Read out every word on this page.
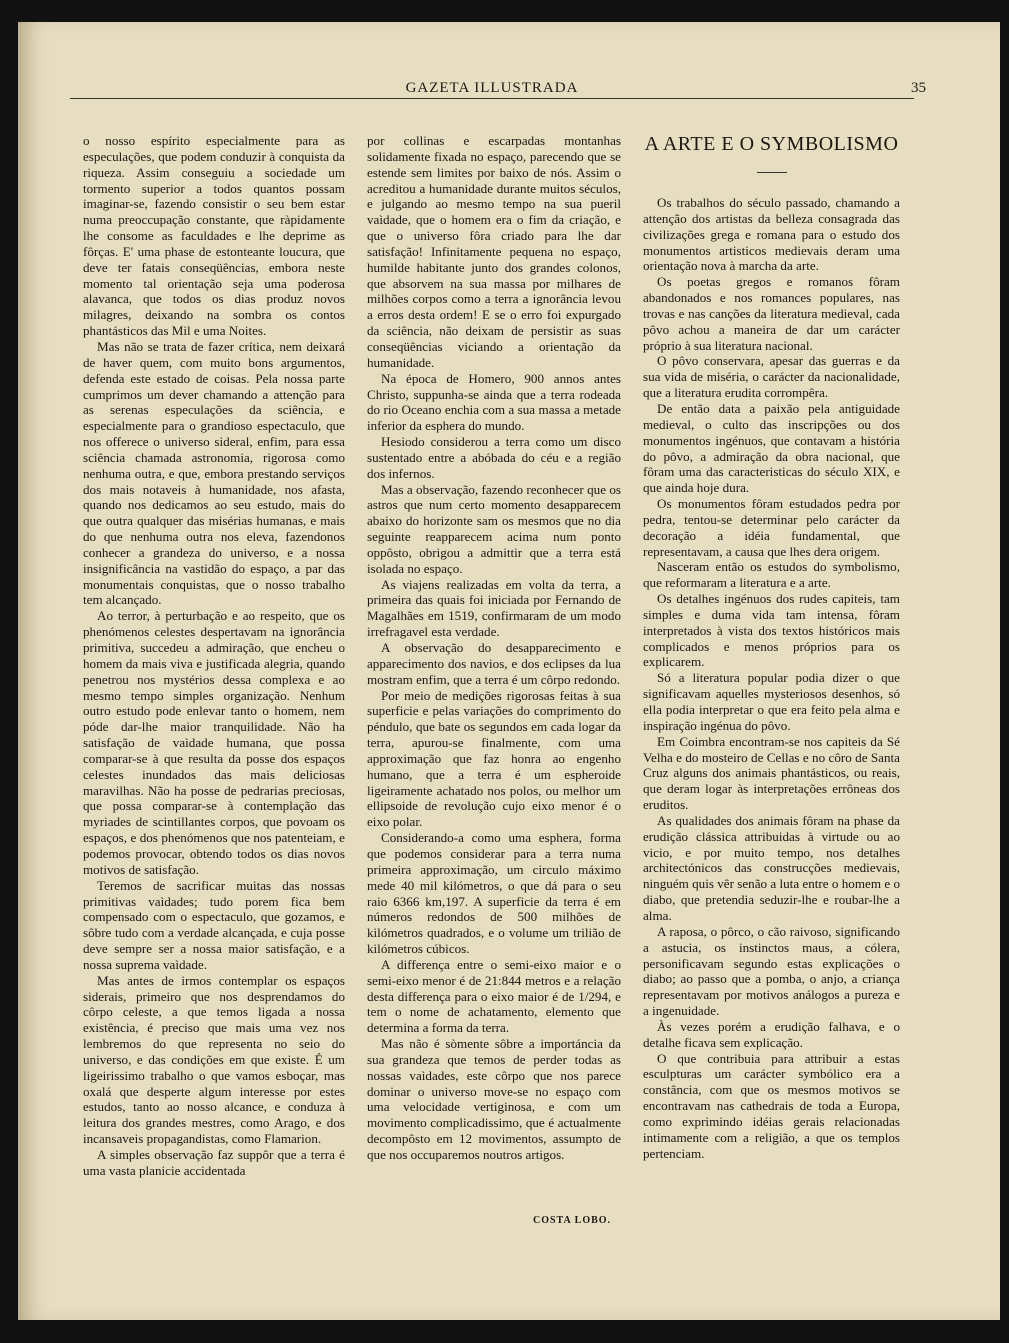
GAZETA ILLUSTRADA	35

o nosso espírito especialmente para as especulações, que podem conduzir à conquista da riqueza. Assim conseguiu a sociedade um tormento superior a todos quantos possam imaginar-se, fazendo consistir o seu bem estar numa preoccupação constante, que ràpidamente lhe consome as faculdades e lhe deprime as fôrças. E' uma phase de estonteante loucura, que deve ter fatais conseqüências, embora neste momento tal orientação seja uma poderosa alavanca, que todos os dias produz novos milagres, deixando na sombra os contos phantásticos das Mil e uma Noites.

Mas não se trata de fazer crítica, nem deixará de haver quem, com muito bons argumentos, defenda este estado de coisas. Pela nossa parte cumprimos um dever chamando a attenção para as serenas especulações da sciência, e especialmente para o grandioso espectaculo, que nos offerece o universo sideral, enfim, para essa sciência chamada astronomia, rigorosa como nenhuma outra, e que, embora prestando serviços dos mais notaveis à humanidade, nos afasta, quando nos dedicamos ao seu estudo, mais do que outra qualquer das misérias humanas, e mais do que nenhuma outra nos eleva, fazendonos conhecer a grandeza do universo, e a nossa insignificância na vastidão do espaço, a par das monumentais conquistas, que o nosso trabalho tem alcançado.

Ao terror, à perturbação e ao respeito, que os phenómenos celestes despertavam na ignorância primitiva, succedeu a admiração, que encheu o homem da mais viva e justificada alegria, quando penetrou nos mystérios dessa complexa e ao mesmo tempo simples organização. Nenhum outro estudo pode enlevar tanto o homem, nem póde dar-lhe maior tranquilidade. Não ha satisfação de vaìdade humana, que possa comparar-se à que resulta da posse dos espaços celestes inundados das mais deliciosas maravilhas. Não ha posse de pedrarias preciosas, que possa comparar-se à contemplação das myriades de scintillantes corpos, que povoam os espaços, e dos phenómenos que nos patenteiam, e podemos provocar, obtendo todos os dias novos motivos de satisfação.

Teremos de sacrificar muitas das nossas primitivas vaìdades; tudo porem fica bem compensado com o espectaculo, que gozamos, e sôbre tudo com a verdade alcançada, e cuja posse deve sempre ser a nossa maior satisfação, e a nossa suprema vaìdade.

Mas antes de irmos contemplar os espaços siderais, primeiro que nos desprendamos do côrpo celeste, a que temos ligada a nossa existência, é preciso que mais uma vez nos lembremos do que representa no seio do universo, e das condições em que existe. É um ligeirissimo trabalho o que vamos esboçar, mas oxalá que desperte algum interesse por estes estudos, tanto ao nosso alcance, e conduza à leitura dos grandes mestres, como Arago, e dos incansaveis propagandistas, como Flamarion.

A simples observação faz suppôr que a terra é uma vasta planicie accidentada

por collinas e escarpadas montanhas solidamente fixada no espaço, parecendo que se estende sem limites por baixo de nós. Assim o acreditou a humanidade durante muitos séculos, e julgando ao mesmo tempo na sua pueril vaìdade, que o homem era o fim da criação, e que o universo fôra criado para lhe dar satisfação! Infinitamente pequena no espaço, humilde habitante junto dos grandes colonos, que absorvem na sua massa por milhares de milhões corpos como a terra a ignorância levou a erros desta ordem! E se o erro foi expurgado da sciência, não deixam de persistir as suas conseqüências viciando a orientação da humanidade.

Na época de Homero, 900 annos antes Christo, suppunha-se ainda que a terra rodeada do rio Oceano enchia com a sua massa a metade inferior da esphera do mundo.

Hesiodo considerou a terra como um disco sustentado entre a abóbada do céu e a região dos infernos.

Mas a observação, fazendo reconhecer que os astros que num certo momento desapparecem abaixo do horizonte sam os mesmos que no dia seguinte reapparecem acima num ponto oppôsto, obrigou a admittir que a terra está isolada no espaço.

As viajens realizadas em volta da terra, a primeira das quais foi iniciada por Fernando de Magalhães em 1519, confirmaram de um modo irrefragavel esta verdade.

A observação do desapparecimento e apparecimento dos navios, e dos eclipses da lua mostram enfim, que a terra é um côrpo redondo.

Por meio de medições rigorosas feitas à sua superficie e pelas variações do comprimento do péndulo, que bate os segundos em cada logar da terra, apurou-se finalmente, com uma approximação que faz honra ao engenho humano, que a terra é um espheroide ligeiramente achatado nos polos, ou melhor um ellipsoide de revolução cujo eixo menor é o eixo polar.

Considerando-a como uma esphera, forma que podemos considerar para a terra numa primeira approximação, um circulo máximo mede 40 mil kilómetros, o que dá para o seu raio 6366 km,197. A superficie da terra é em números redondos de 500 milhões de kilómetros quadrados, e o volume um trilião de kilómetros cúbicos.

A differença entre o semi-eixo maior e o semi-eixo menor é de 21:844 metros e a relação desta differença para o eixo maior é de 1/294, e tem o nome de achatamento, elemento que determina a forma da terra.

Mas não é sòmente sôbre a importáncia da sua grandeza que temos de perder todas as nossas vaìdades, este côrpo que nos parece dominar o universo move-se no espaço com uma velocidade vertiginosa, e com um movimento complicadissimo, que é actualmente decompôsto em 12 movimentos, assumpto de que nos occuparemos noutros artigos.

COSTA LOBO.
A ARTE E O SYMBOLISMO

Os trabalhos do século passado, chamando a attenção dos artistas da belleza consagrada das civilizações grega e romana para o estudo dos monumentos artisticos medievais deram uma orientação nova à marcha da arte.

Os poetas gregos e romanos fôram abandonados e nos romances populares, nas trovas e nas canções da literatura medieval, cada pôvo achou a maneira de dar um carácter próprio à sua literatura nacional.

O pôvo conservara, apesar das guerras e da sua vida de miséria, o carácter da nacionalidade, que a literatura erudita corrompêra.

De então data a paixão pela antiguidade medieval, o culto das inscripções ou dos monumentos ingénuos, que contavam a história do pôvo, a admiração da obra nacional, que fôram uma das caracteristicas do século XIX, e que ainda hoje dura.

Os monumentos fôram estudados pedra por pedra, tentou-se determinar pelo carácter da decoração a idéia fundamental, que representavam, a causa que lhes dera origem.

Nasceram então os estudos do symbolismo, que reformaram a literatura e a arte.

Os detalhes ingénuos dos rudes capiteis, tam simples e duma vida tam intensa, fôram interpretados à vista dos textos históricos mais complicados e menos próprios para os explicarem.

Só a literatura popular podia dizer o que significavam aquelles mysteriosos desenhos, só ella podia interpretar o que era feito pela alma e inspiração ingénua do pôvo.

Em Coimbra encontram-se nos capiteis da Sé Velha e do mosteiro de Cellas e no côro de Santa Cruz alguns dos animais phantásticos, ou reais, que deram logar às interpretações errôneas dos eruditos.

As qualidades dos animais fôram na phase da erudição clássica attribuidas à virtude ou ao vicio, e por muito tempo, nos detalhes architectónicos das construcções medievais, ninguém quis vêr senão a luta entre o homem e o diabo, que pretendia seduzir-lhe e roubar-lhe a alma.

A raposa, o pôrco, o cão raivoso, significando a astucia, os instinctos maus, a cólera, personificavam segundo estas explicações o diabo; ao passo que a pomba, o anjo, a criança representavam por motivos análogos a pureza e a ingenuidade.

Às vezes porém a erudição falhava, e o detalhe ficava sem explicação.

O que contribuia para attribuir a estas esculpturas um carácter symbólico era a constância, com que os mesmos motivos se encontravam nas cathedrais de toda a Europa, como exprimindo idéias gerais relacionadas intimamente com a religião, a que os templos pertenciam.
